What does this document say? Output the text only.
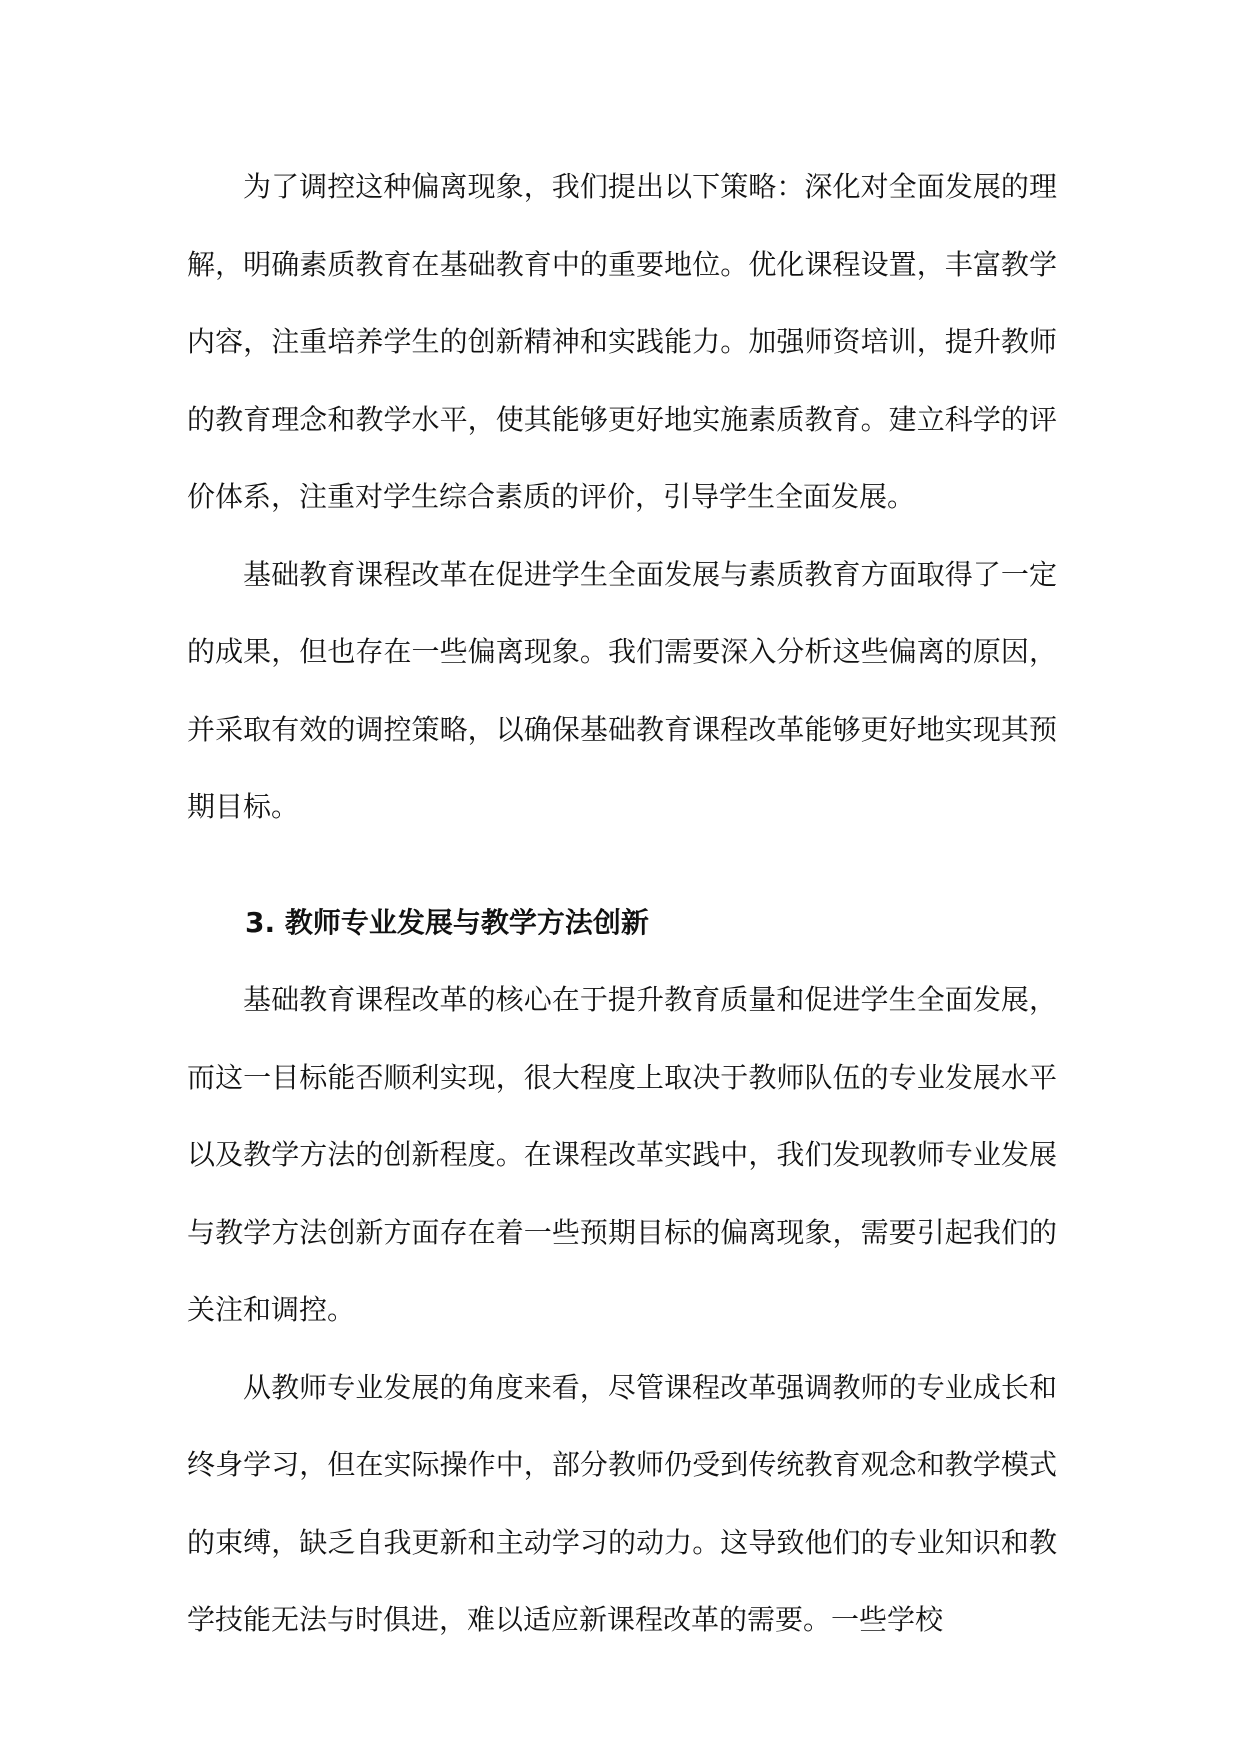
为了调控这种偏离现象，我们提出以下策略：深化对全面发展的理解，明确素质教育在基础教育中的重要地位。优化课程设置，丰富教学内容，注重培养学生的创新精神和实践能力。加强师资培训，提升教师的教育理念和教学水平，使其能够更好地实施素质教育。建立科学的评价体系，注重对学生综合素质的评价，引导学生全面发展。

基础教育课程改革在促进学生全面发展与素质教育方面取得了一定的成果，但也存在一些偏离现象。我们需要深入分析这些偏离的原因，并采取有效的调控策略，以确保基础教育课程改革能够更好地实现其预期目标。

3. 教师专业发展与教学方法创新

基础教育课程改革的核心在于提升教育质量和促进学生全面发展，而这一目标能否顺利实现，很大程度上取决于教师队伍的专业发展水平以及教学方法的创新程度。在课程改革实践中，我们发现教师专业发展与教学方法创新方面存在着一些预期目标的偏离现象，需要引起我们的关注和调控。

从教师专业发展的角度来看，尽管课程改革强调教师的专业成长和终身学习，但在实际操作中，部分教师仍受到传统教育观念和教学模式的束缚，缺乏自我更新和主动学习的动力。这导致他们的专业知识和教学技能无法与时俱进，难以适应新课程改革的需要。一些学校
